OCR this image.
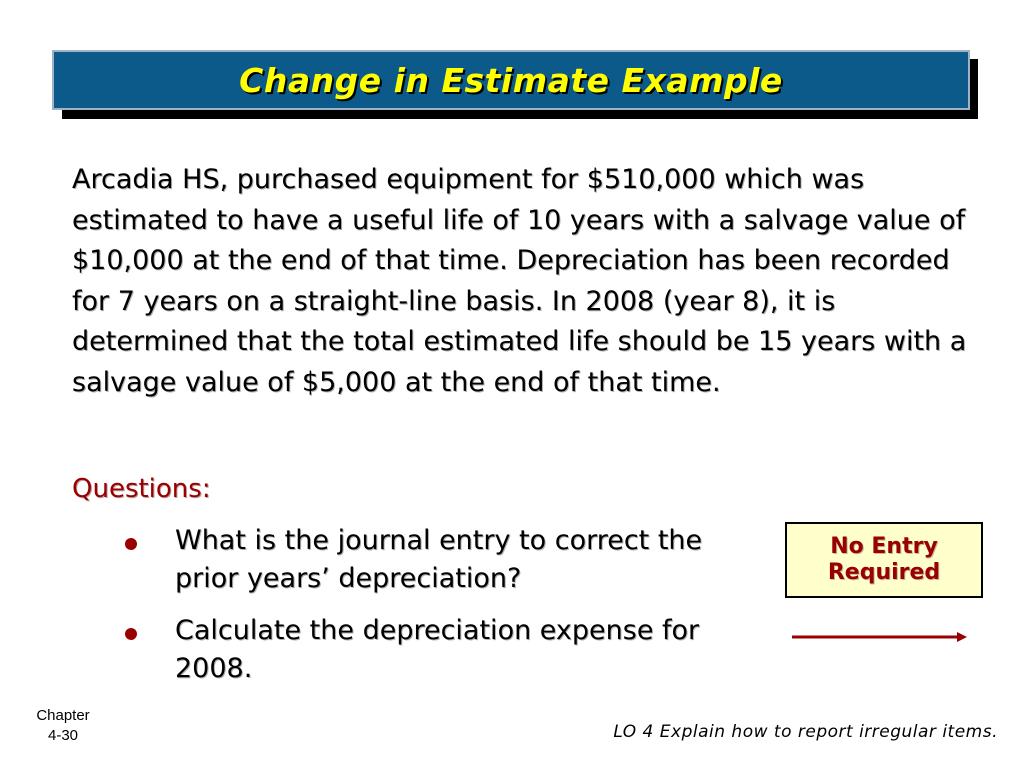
Change in Estimate Example

Arcadia HS, purchased equipment for $510,000 which was estimated to have a useful life of 10 years with a salvage value of $10,000 at the end of that time. Depreciation has been recorded for 7 years on a straight-line basis. In 2008 (year 8), it is determined that the total estimated life should be 15 years with a salvage value of $5,000 at the end of that time.

Questions:
What is the journal entry to correct the prior years’ depreciation?
Calculate the depreciation expense for 2008.
No Entry
Required
Chapter
4-30	LO 4 Explain how to report irregular items.
